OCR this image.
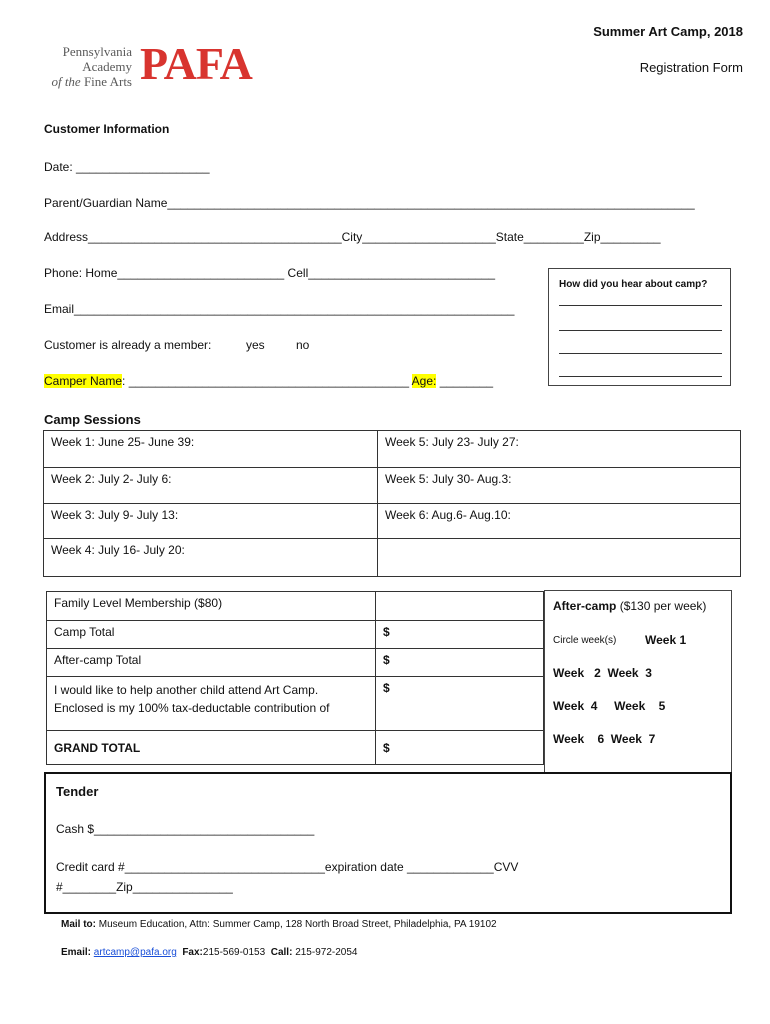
Pennsylvania
Academy
of the Fine Arts PAFA
Summer Art Camp, 2018
Registration Form
Customer Information
Date: ____________________
Parent/Guardian Name_______________________________________________________________________________
Address______________________________________City____________________State_________Zip_________
Phone: Home_________________________ Cell____________________________
Email__________________________________________________________________
Customer is already a member:	yes	no
Camper Name: __________________________________________ Age: ________
How did you hear about camp?
Camp Sessions
Week 1: June 25- June 39:	Week 5: July 23- July 27:
Week 2: July 2- July 6:	Week 5: July 30- Aug.3:
Week 3: July 9- July 13:	Week 6: Aug.6- Aug.10:
Week 4: July 16- July 20:	
Family Level Membership ($80)	
Camp Total	$
After-camp Total	$

I would like to help another child attend Art Camp.
Enclosed is my 100% tax-deductable contribution of	$
GRAND TOTAL	$
After-camp ($130 per week)
Circle week(s) Week 1
Week   2  Week  3
Week  4     Week    5
Week    6  Week  7
Tender
Cash $_________________________________
Credit card #______________________________expiration date _____________CVV
#________Zip_______________
Mail to: Museum Education, Attn: Summer Camp, 128 North Broad Street, Philadelphia, PA 19102
Email: artcamp@pafa.org Fax:215-569-0153 Call: 215-972-2054
